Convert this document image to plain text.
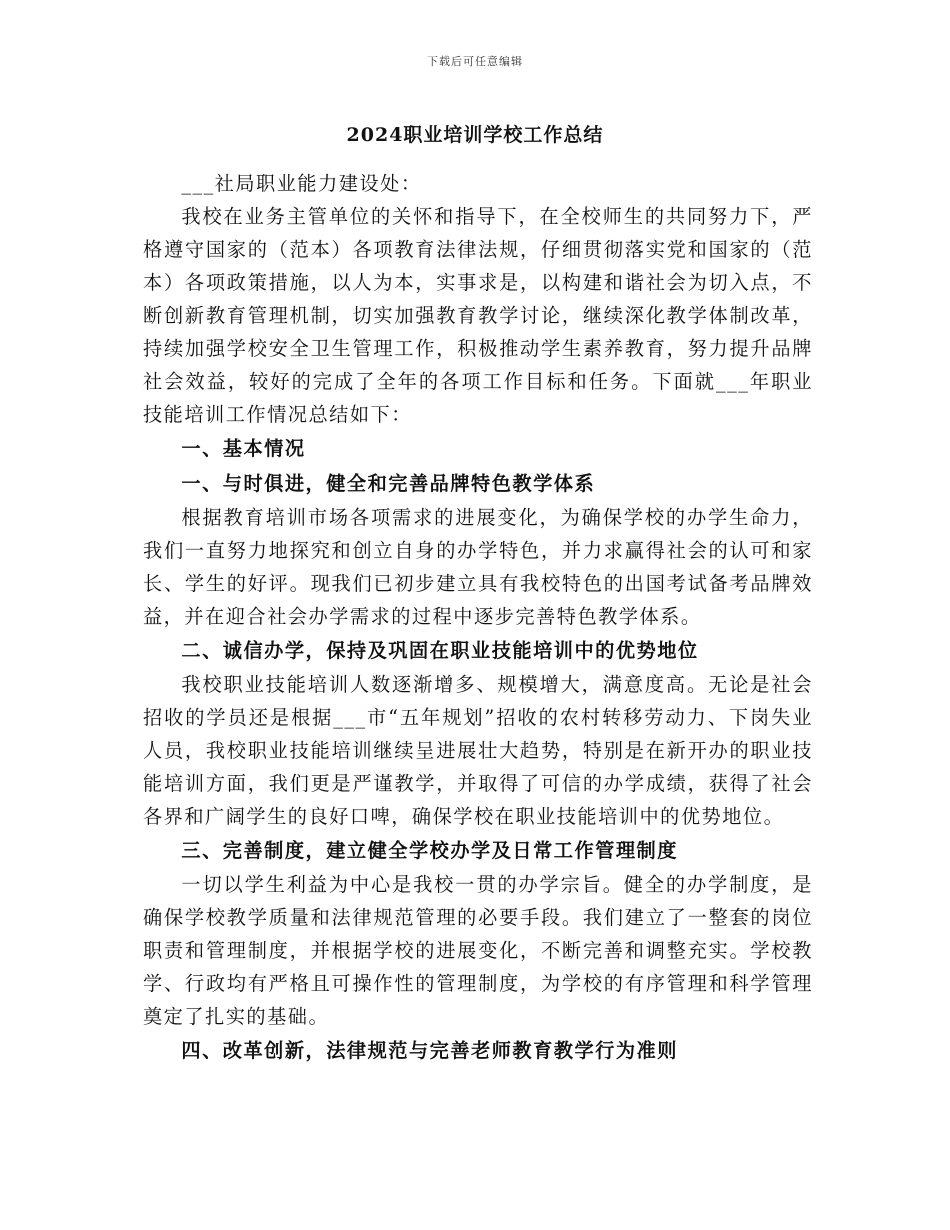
下载后可任意编辑
2024职业培训学校工作总结

___社局职业能力建设处：

我校在业务主管单位的关怀和指导下，在全校师生的共同努力下，严格遵守国家的（范本）各项教育法律法规，仔细贯彻落实党和国家的（范本）各项政策措施，以人为本，实事求是，以构建和谐社会为切入点，不断创新教育管理机制，切实加强教育教学讨论，继续深化教学体制改革，持续加强学校安全卫生管理工作，积极推动学生素养教育，努力提升品牌社会效益，较好的完成了全年的各项工作目标和任务。下面就___年职业技能培训工作情况总结如下：

一、基本情况
一、与时俱进，健全和完善品牌特色教学体系

根据教育培训市场各项需求的进展变化，为确保学校的办学生命力，我们一直努力地探究和创立自身的办学特色，并力求赢得社会的认可和家长、学生的好评。现我们已初步建立具有我校特色的出国考试备考品牌效益，并在迎合社会办学需求的过程中逐步完善特色教学体系。

二、诚信办学，保持及巩固在职业技能培训中的优势地位

我校职业技能培训人数逐渐增多、规模增大，满意度高。无论是社会招收的学员还是根据___市“五年规划”招收的农村转移劳动力、下岗失业人员，我校职业技能培训继续呈进展壮大趋势，特别是在新开办的职业技能培训方面，我们更是严谨教学，并取得了可信的办学成绩，获得了社会各界和广阔学生的良好口啤，确保学校在职业技能培训中的优势地位。

三、完善制度，建立健全学校办学及日常工作管理制度

一切以学生利益为中心是我校一贯的办学宗旨。健全的办学制度，是确保学校教学质量和法律规范管理的必要手段。我们建立了一整套的岗位职责和管理制度，并根据学校的进展变化，不断完善和调整充实。学校教学、行政均有严格且可操作性的管理制度，为学校的有序管理和科学管理奠定了扎实的基础。

四、改革创新，法律规范与完善老师教育教学行为准则
